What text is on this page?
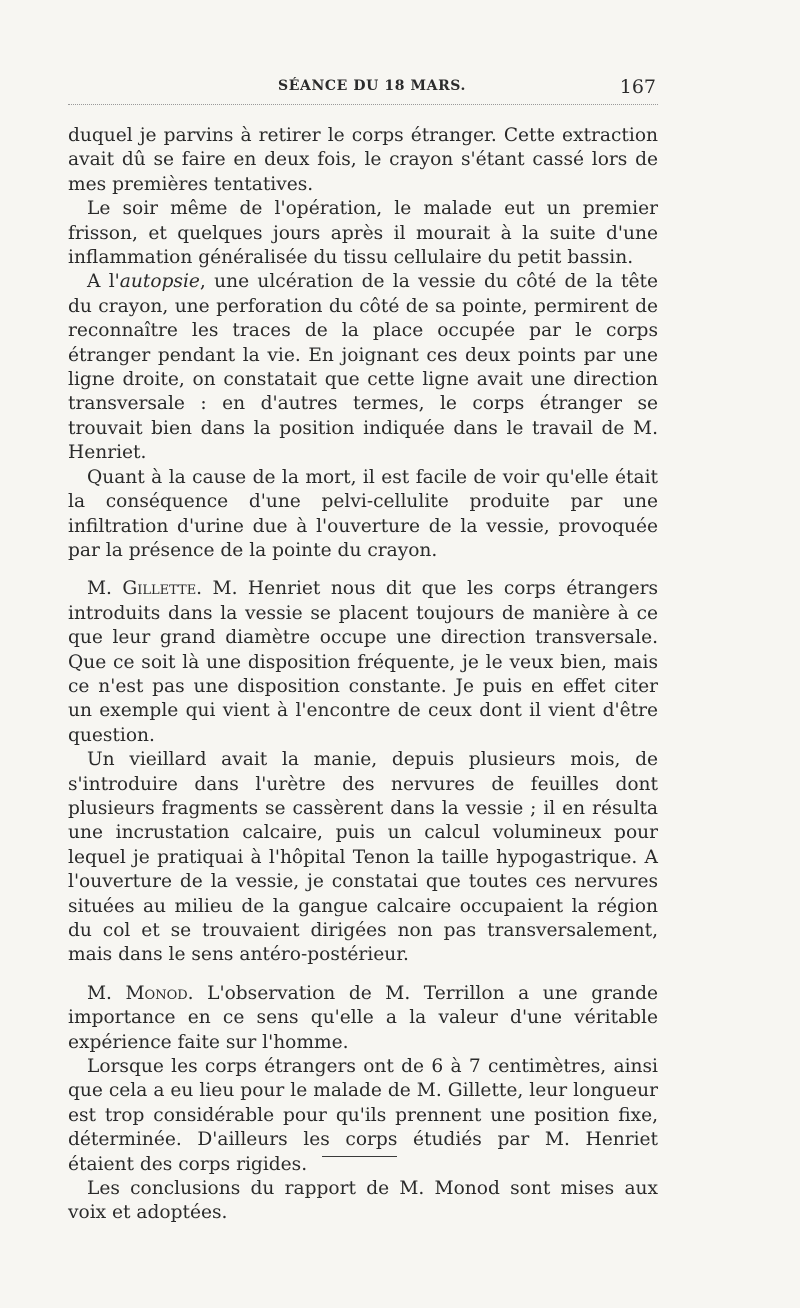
SÉANCE DU 18 MARS.	167

duquel je parvins à retirer le corps étranger. Cette extraction avait dû se faire en deux fois, le crayon s'étant cassé lors de mes premières tentatives.

Le soir même de l'opération, le malade eut un premier frisson, et quelques jours après il mourait à la suite d'une inflammation généralisée du tissu cellulaire du petit bassin.

A l'autopsie, une ulcération de la vessie du côté de la tête du crayon, une perforation du côté de sa pointe, permirent de reconnaître les traces de la place occupée par le corps étranger pendant la vie. En joignant ces deux points par une ligne droite, on constatait que cette ligne avait une direction transversale : en d'autres termes, le corps étranger se trouvait bien dans la position indiquée dans le travail de M. Henriet.

Quant à la cause de la mort, il est facile de voir qu'elle était la conséquence d'une pelvi-cellulite produite par une infiltration d'urine due à l'ouverture de la vessie, provoquée par la présence de la pointe du crayon.

M. Gillette. M. Henriet nous dit que les corps étrangers introduits dans la vessie se placent toujours de manière à ce que leur grand diamètre occupe une direction transversale. Que ce soit là une disposition fréquente, je le veux bien, mais ce n'est pas une disposition constante. Je puis en effet citer un exemple qui vient à l'encontre de ceux dont il vient d'être question.

Un vieillard avait la manie, depuis plusieurs mois, de s'introduire dans l'urètre des nervures de feuilles dont plusieurs fragments se cassèrent dans la vessie ; il en résulta une incrustation calcaire, puis un calcul volumineux pour lequel je pratiquai à l'hôpital Tenon la taille hypogastrique. A l'ouverture de la vessie, je constatai que toutes ces nervures situées au milieu de la gangue calcaire occupaient la région du col et se trouvaient dirigées non pas transversalement, mais dans le sens antéro-postérieur.

M. Monod. L'observation de M. Terrillon a une grande importance en ce sens qu'elle a la valeur d'une véritable expérience faite sur l'homme.

Lorsque les corps étrangers ont de 6 à 7 centimètres, ainsi que cela a eu lieu pour le malade de M. Gillette, leur longueur est trop considérable pour qu'ils prennent une position fixe, déterminée. D'ailleurs les corps étudiés par M. Henriet étaient des corps rigides.

Les conclusions du rapport de M. Monod sont mises aux voix et adoptées.
